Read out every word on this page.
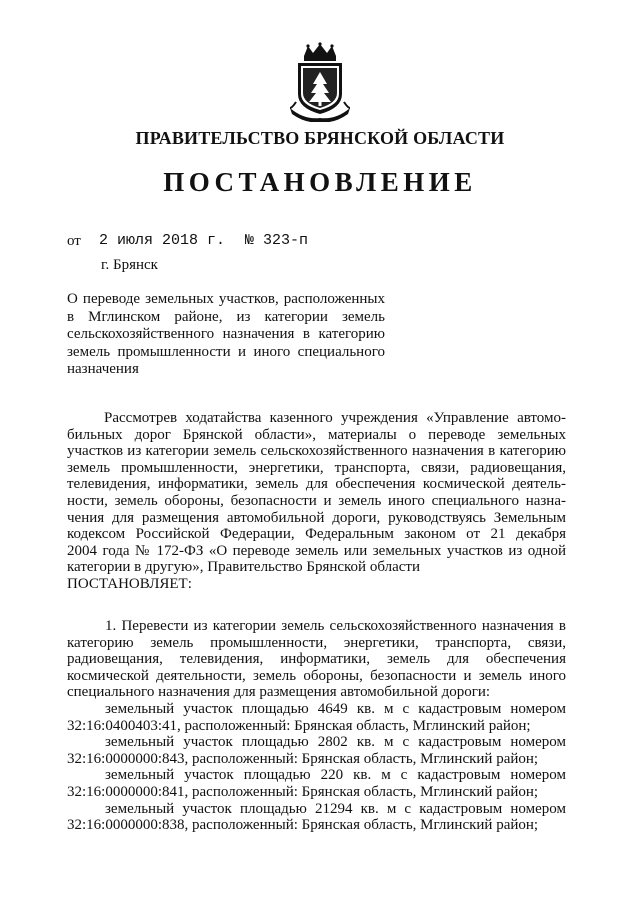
ПРАВИТЕЛЬСТВО БРЯНСКОЙ ОБЛАСТИ
ПОСТАНОВЛЕНИЕ
от 2 июля 2018 г. № 323-п
г. Брянск
О переводе земельных участков, расположенных
в Мглинском районе, из категории земель
сельскохозяйственного назначения в категорию
земель промышленности и иного специального
назначения
Рассмотрев ходатайства казенного учреждения «Управление автомо-
бильных дорог Брянской области», материалы о переводе земельных
участков из категории земель сельскохозяйственного назначения в категорию
земель промышленности, энергетики, транспорта, связи, радиовещания,
телевидения, информатики, земель для обеспечения космической деятель-
ности, земель обороны, безопасности и земель иного специального назна-
чения для размещения автомобильной дороги, руководствуясь Земельным
кодексом Российской Федерации, Федеральным законом от 21 декабря
2004 года № 172-ФЗ «О переводе земель или земельных участков из одной
категории в другую», Правительство Брянской области
ПОСТАНОВЛЯЕТ:
1. Перевести из категории земель сельскохозяйственного назначения в
категорию земель промышленности, энергетики, транспорта, связи,
радиовещания, телевидения, информатики, земель для обеспечения
космической деятельности, земель обороны, безопасности и земель иного
специального назначения для размещения автомобильной дороги:
земельный участок площадью 4649 кв. м с кадастровым номером
32:16:0400403:41, расположенный: Брянская область, Мглинский район;
земельный участок площадью 2802 кв. м с кадастровым номером
32:16:0000000:843, расположенный: Брянская область, Мглинский район;
земельный участок площадью 220 кв. м с кадастровым номером
32:16:0000000:841, расположенный: Брянская область, Мглинский район;
земельный участок площадью 21294 кв. м с кадастровым номером
32:16:0000000:838, расположенный: Брянская область, Мглинский район;
